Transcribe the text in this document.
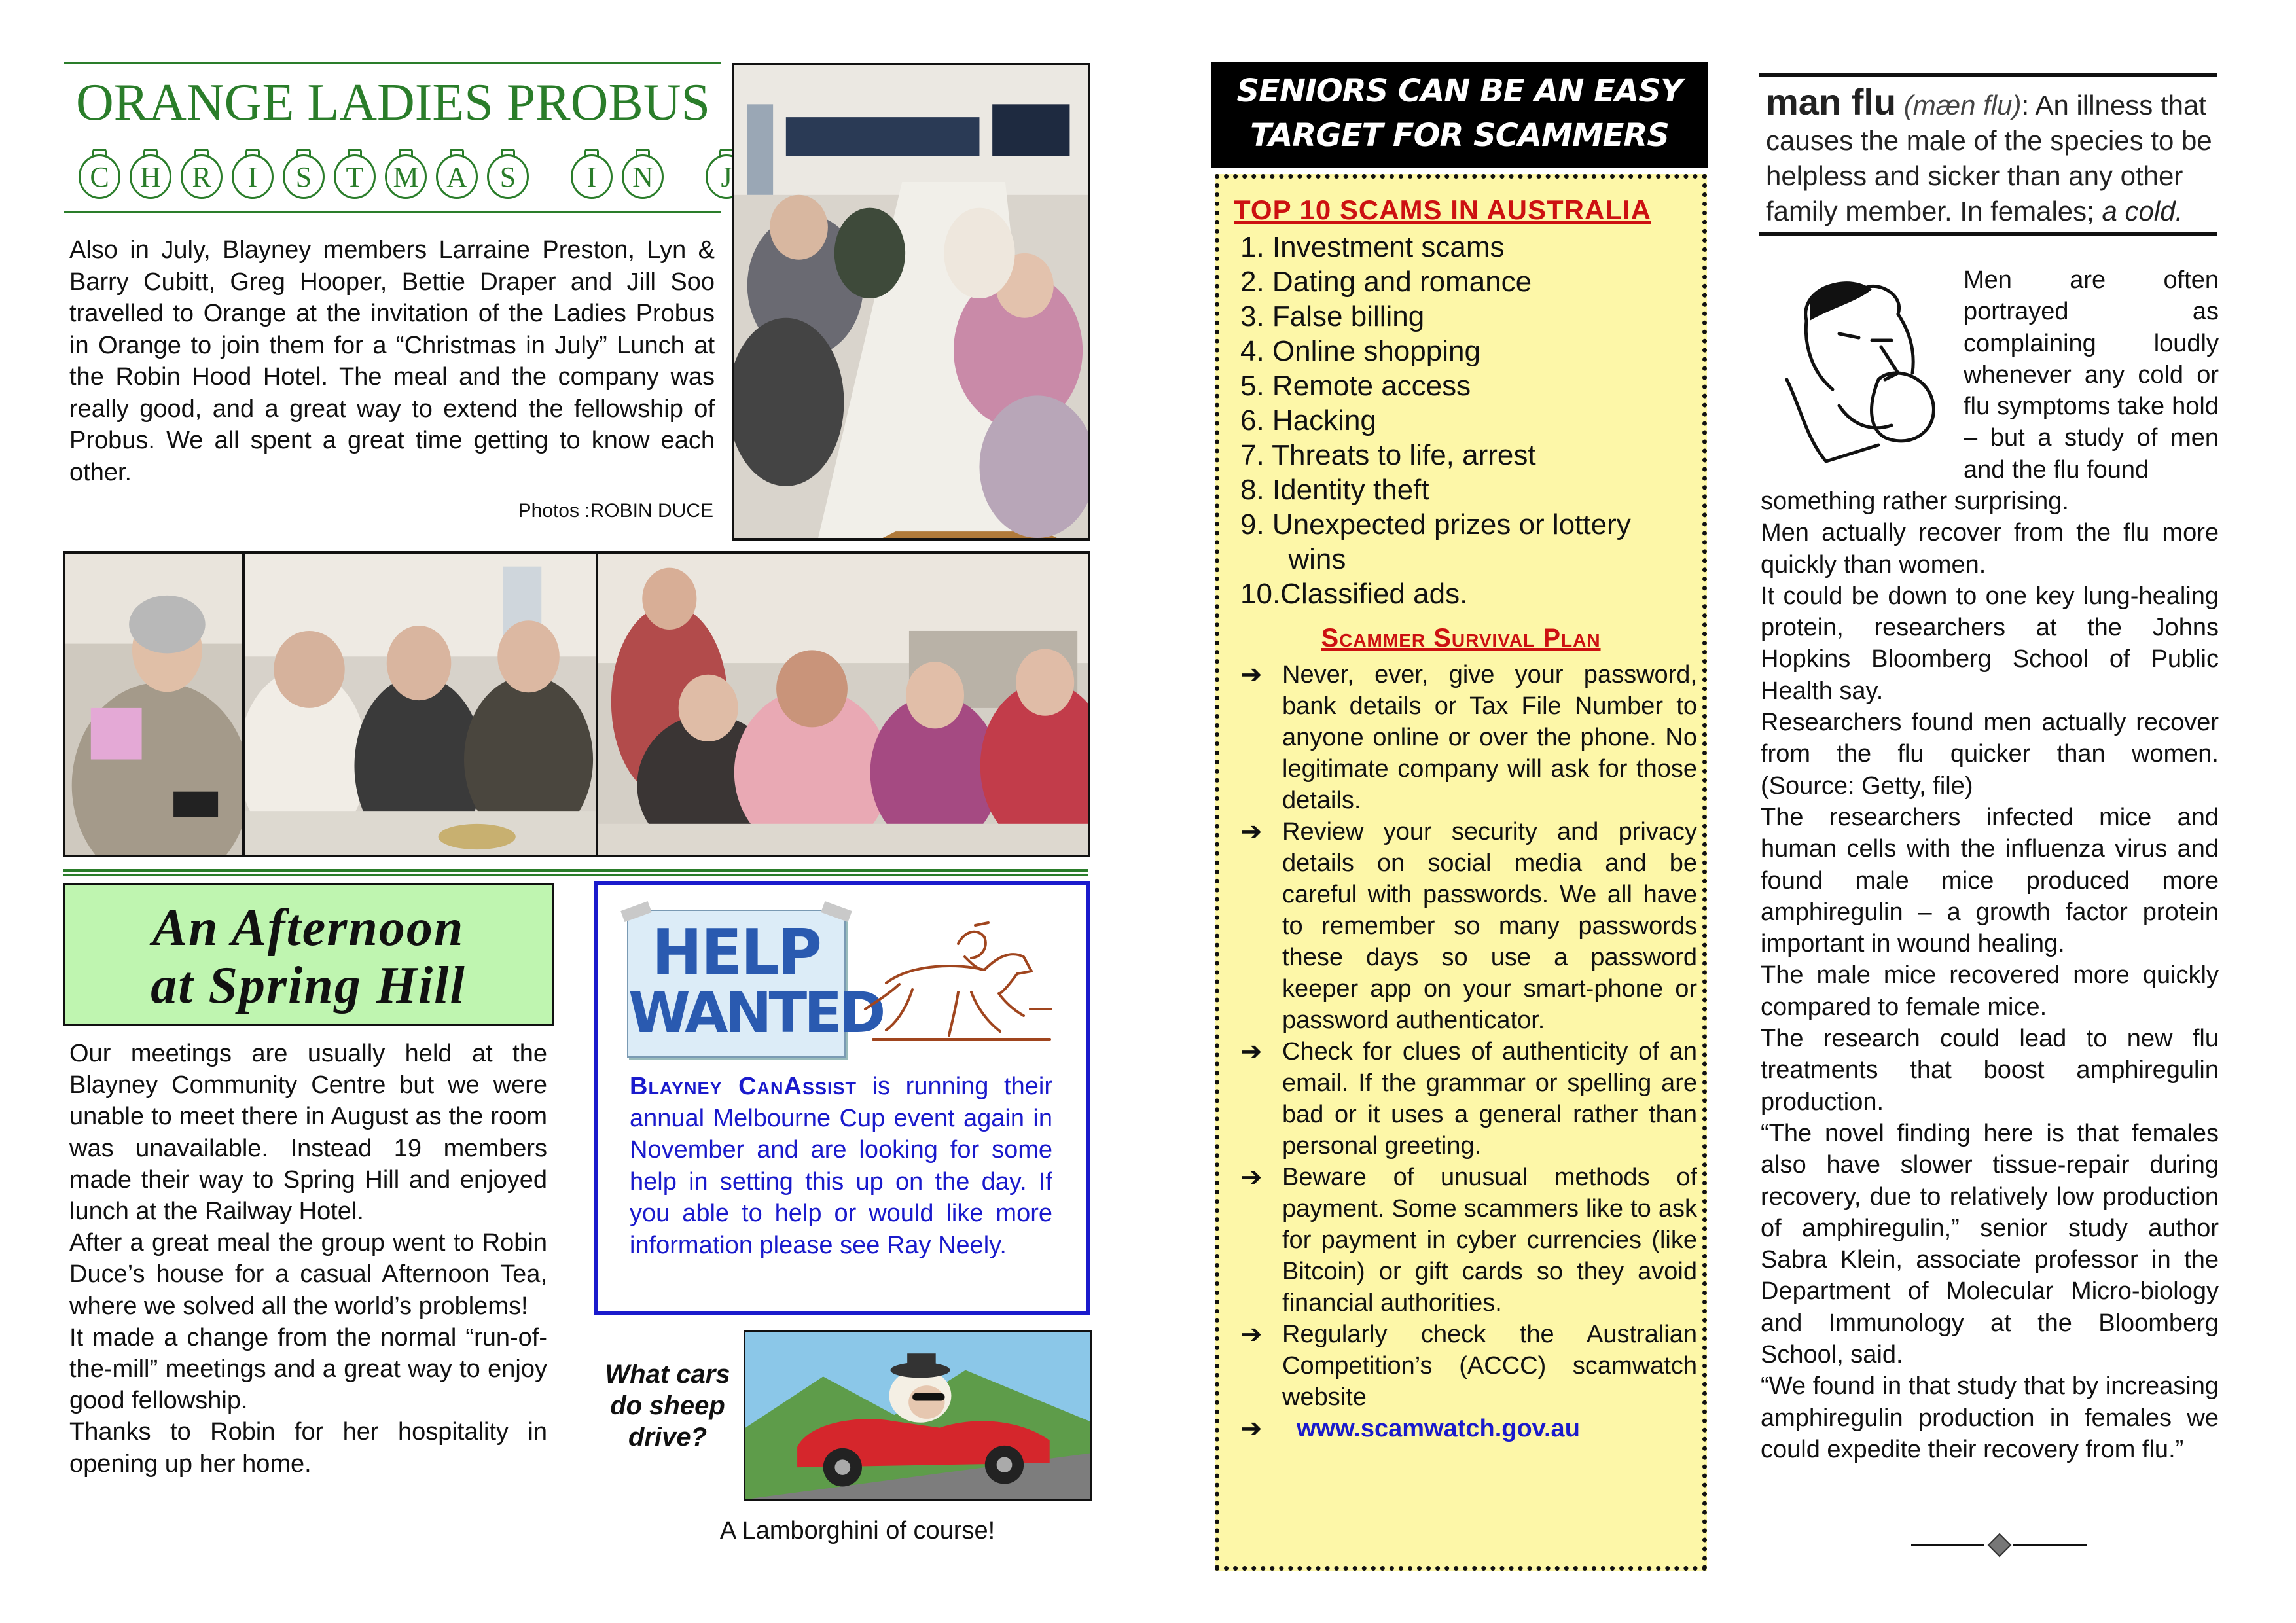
ORANGE LADIES PROBUS
C H R I S T M A S I N J
Also in July, Blayney members Larraine Preston, Lyn & Barry Cubitt, Greg Hooper, Bettie Draper and Jill Soo travelled to Orange at the invitation of the Ladies Probus in Orange to join them for a “Christmas in July” Lunch at the Robin Hood Hotel. The meal and the company was really good, and a great way to extend the fellowship of Probus. We all spent a great time getting to know each other.
Photos :ROBIN DUCE
An Afternoon
at Spring Hill
Our meetings are usually held at the Blayney Community Centre but we were unable to meet there in August as the room was unavailable. Instead 19 members made their way to Spring Hill and enjoyed lunch at the Railway Hotel.
After a great meal the group went to Robin Duce’s house for a casual Afternoon Tea, where we solved all the world’s problems!
It made a change from the normal “run-of-the-mill” meetings and a great way to enjoy good fellowship.
Thanks to Robin for her hospitality in opening up her home.
HELP
WANTED
Blayney CanAssist is running their annual Melbourne Cup event again in November and are looking for some help in setting this up on the day. If you able to help or would like more information please see Ray Neely.
What cars do sheep drive?
A Lamborghini of course!
SENIORS CAN BE AN EASY
TARGET FOR SCAMMERS
TOP 10 SCAMS IN AUSTRALIA
1. Investment scams
2. Dating and romance
3. False billing
4. Online shopping
5. Remote access
6. Hacking
7. Threats to life, arrest
8. Identity theft
9. Unexpected prizes or lottery
wins
10.Classified ads.
Scammer Survival Plan
➔ Never, ever, give your password, bank details or Tax File Number to anyone online or over the phone. No legitimate company will ask for those details.
➔ Review your security and privacy details on social media and be careful with passwords. We all have to remember so many passwords these days so use a password keeper app on your smart-phone or password authenticator.
➔ Check for clues of authenticity of an email. If the grammar or spelling are bad or it uses a general rather than personal greeting.
➔ Beware of unusual methods of payment. Some scammers like to ask for payment in cyber currencies (like Bitcoin) or gift cards so they avoid financial authorities.
➔ Regularly check the Australian Competition’s (ACCC) scamwatch website
➔ www.scamwatch.gov.au
man flu (mæn flu): An illness that causes the male of the species to be helpless and sicker than any other family member. In females; a cold.
Men are often portrayed as complaining loudly whenever any cold or flu symptoms take hold – but a study of men and the flu found
something rather surprising.
Men actually recover from the flu more quickly than women.
It could be down to one key lung-healing protein, researchers at the Johns Hopkins Bloomberg School of Public Health say.
Researchers found men actually recover from the flu quicker than women. (Source: Getty, file)
The researchers infected mice and human cells with the influenza virus and found male mice produced more amphiregulin – a growth factor protein important in wound healing.
The male mice recovered more quickly compared to female mice.
The research could lead to new flu treatments that boost amphiregulin production.
“The novel finding here is that females also have slower tissue-repair during recovery, due to relatively low production of amphiregulin,” senior study author Sabra Klein, associate professor in the Department of Molecular Micro-biology and Immunology at the Bloomberg School, said.
“We found in that study that by increasing amphiregulin production in females we could expedite their recovery from flu.”
